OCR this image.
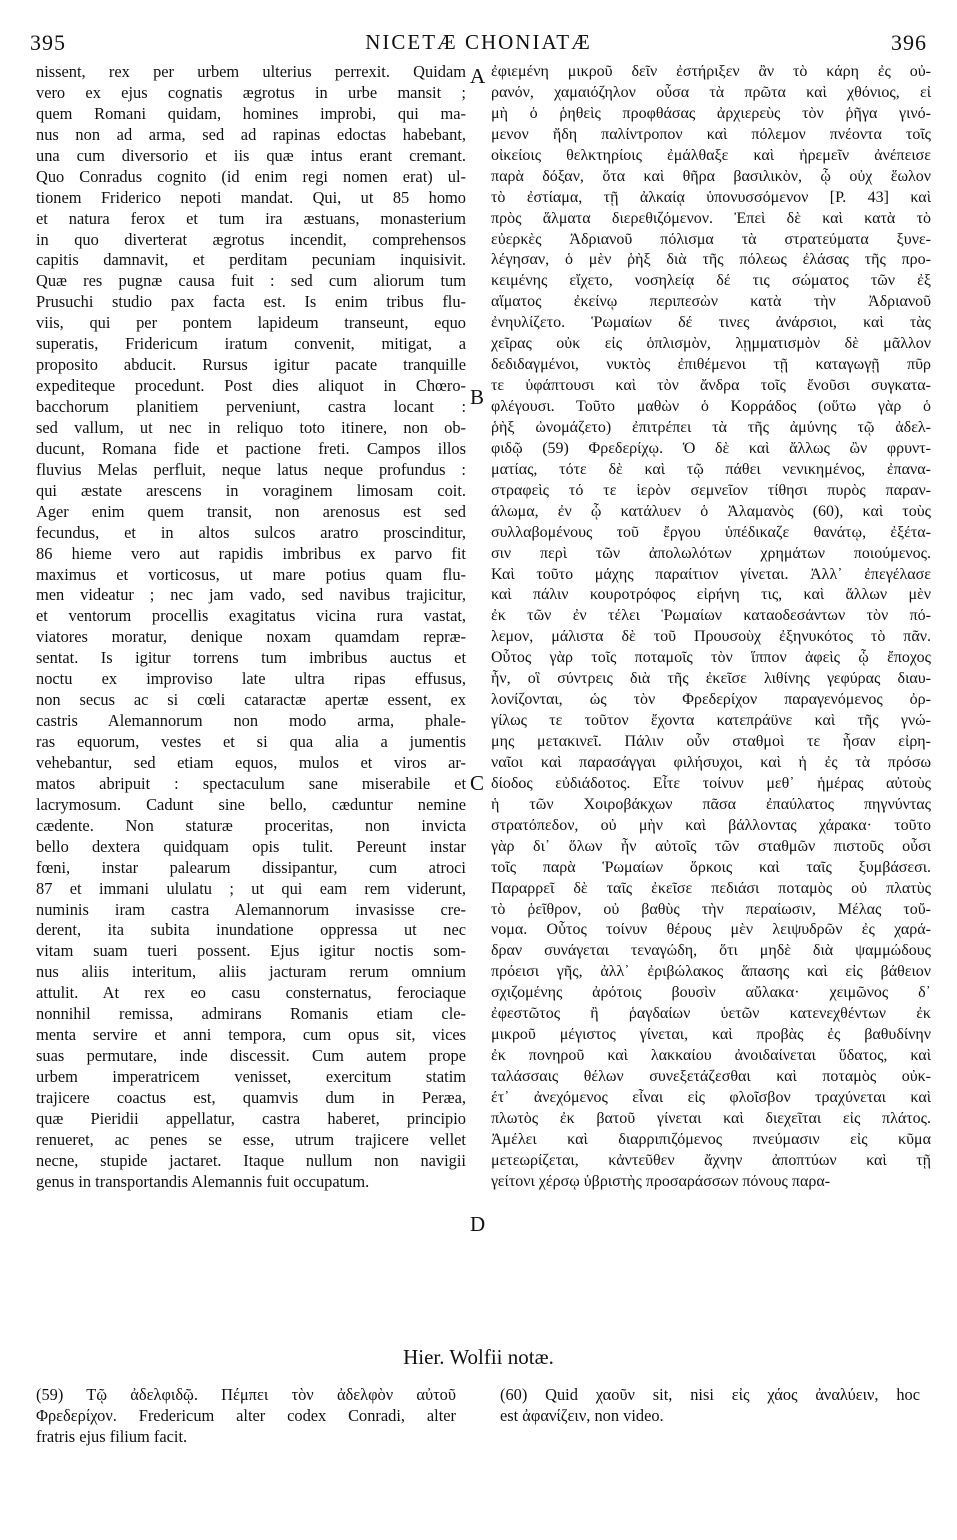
395	NICETÆ CHONIATÆ	396
nissent, rex per urbem ulterius perrexit. Quidam
vero ex ejus cognatis ægrotus in urbe mansit ;
quem Romani quidam, homines improbi, qui ma-
nus non ad arma, sed ad rapinas edoctas habebant,
una cum diversorio et iis quæ intus erant cremant.
Quo Conradus cognito (id enim regi nomen erat) ul-
tionem Friderico nepoti mandat. Qui, ut 85 homo
et natura ferox et tum ira æstuans, monasterium
in quo diverterat ægrotus incendit, comprehensos
capitis damnavit, et perditam pecuniam inquisivit.
Quæ res pugnæ causa fuit : sed cum aliorum tum
Prusuchi studio pax facta est. Is enim tribus flu-
viis, qui per pontem lapideum transeunt, equo
superatis, Fridericum iratum convenit, mitigat, a
proposito abducit. Rursus igitur pacate tranquille
expediteque procedunt. Post dies aliquot in Chœro-
bacchorum planitiem perveniunt, castra locant :
sed vallum, ut nec in reliquo toto itinere, non ob-
ducunt, Romana fide et pactione freti. Campos illos
fluvius Melas perfluit, neque latus neque profundus :
qui æstate arescens in voraginem limosam coit.
Ager enim quem transit, non arenosus est sed
fecundus, et in altos sulcos aratro proscinditur,
86 hieme vero aut rapidis imbribus ex parvo fit
maximus et vorticosus, ut mare potius quam flu-
men videatur ; nec jam vado, sed navibus trajicitur,
et ventorum procellis exagitatus vicina rura vastat,
viatores moratur, denique noxam quamdam repræ-
sentat. Is igitur torrens tum imbribus auctus et
noctu ex improviso late ultra ripas effusus,
non secus ac si cœli cataractæ apertæ essent, ex
castris Alemannorum non modo arma, phale-
ras equorum, vestes et si qua alia a jumentis
vehebantur, sed etiam equos, mulos et viros ar-
matos abripuit : spectaculum sane miserabile et
lacrymosum. Cadunt sine bello, cæduntur nemine
cædente. Non staturæ proceritas, non invicta
bello dextera quidquam opis tulit. Pereunt instar
fœni, instar palearum dissipantur, cum atroci
87 et immani ululatu ; ut qui eam rem viderunt,
numinis iram castra Alemannorum invasisse cre-
derent, ita subita inundatione oppressa ut nec
vitam suam tueri possent. Ejus igitur noctis som-
nus aliis interitum, aliis jacturam rerum omnium
attulit. At rex eo casu consternatus, ferociaque
nonnihil remissa, admirans Romanis etiam cle-
menta servire et anni tempora, cum opus sit, vices
suas permutare, inde discessit. Cum autem prope
urbem imperatricem venisset, exercitum statim
trajicere coactus est, quamvis dum in Peræa,
quæ Pieridii appellatur, castra haberet, principio
renueret, ac penes se esse, utrum trajicere vellet
necne, stupide jactaret. Itaque nullum non navigii
genus in transportandis Alemannis fuit occupatum.
A
B
C
D
ἐφιεμένη μικροῦ δεῖν ἐστήριξεν ἂν τὸ κάρη ἐς οὐ-
ρανόν, χαμαιόζηλον οὖσα τὰ πρῶτα καὶ χθόνιος, εἰ
μὴ ὁ ῥηθεὶς προφθάσας ἀρχιερεὺς τὸν ῥῆγα γινό-
μενον ἤδη παλίντροπον καὶ πόλεμον πνέοντα τοῖς
οἰκείοις θελκτηρίοις ἐμάλθαξε καὶ ἠρεμεῖν ἀνέπεισε
παρὰ δόξαν, ὅτα καὶ θῆρα βασιλικὸν, ᾧ οὐχ ἕωλον
τὸ ἐστίαμα, τῇ ἀλκαίᾳ ὑπονυσσόμενον [P. 43] καὶ
πρὸς ἅλματα διερεθιζόμενον. Ἐπεὶ δὲ καὶ κατὰ τὸ
εὐερκὲς Ἀδριανοῦ πόλισμα τὰ στρατεύματα ξυνε-
λέγησαν, ὁ μὲν ῥὴξ διὰ τῆς πόλεως ἐλάσας τῆς προ-
κειμένης εἴχετο, νοσηλείᾳ δέ τις σώματος τῶν ἐξ
αἵματος ἐκείνῳ περιπεσὼν κατὰ τὴν Ἀδριανοῦ
ἐνηυλίζετο. Ῥωμαίων δέ τινες ἀνάρσιοι, καὶ τὰς
χεῖρας οὐκ εἰς ὁπλισμὸν, λῃμματισμὸν δὲ μᾶλλον
δεδιδαγμένοι, νυκτὸς ἐπιθέμενοι τῇ καταγωγῇ πῦρ
τε ὑφάπτουσι καὶ τὸν ἄνδρα τοῖς ἔνοῦσι συγκατα-
φλέγουσι. Τοῦτο μαθὼν ὁ Κορράδος (οὕτω γὰρ ὁ
ῥὴξ ὠνομάζετο) ἐπιτρέπει τὰ τῆς ἀμύνης τῷ ἀδελ-
φιδῷ (59) Φρεδερίχῳ. Ὁ δὲ καὶ ἄλλως ὢν φρυντ-
ματίας, τότε δὲ καὶ τῷ πάθει νενικημένος, ἐπανα-
στραφεὶς τό τε ἱερὸν σεμνεῖον τίθησι πυρὸς παραν-
άλωμα, ἐν ᾧ κατάλυεν ὁ Ἀλαμανὸς (60), καὶ τοὺς
συλλαβομένους τοῦ ἔργου ὑπέδικαζε θανάτῳ, ἐξέτα-
σιν περὶ τῶν ἀπολωλότων χρημάτων ποιούμενος.
Καὶ τοῦτο μάχης παραίτιον γίνεται. Ἀλλ᾽ ἐπεγέλασε
καὶ πάλιν κουροτρόφος εἰρήνη τις, καὶ ἄλλων μὲν
ἐκ τῶν ἐν τέλει Ῥωμαίων καταοδεσάντων τὸν πό-
λεμον, μάλιστα δὲ τοῦ Προυσοὺχ ἐξηνυκότος τὸ πᾶν.
Οὗτος γὰρ τοῖς ποταμοῖς τὸν ἵππον ἀφεὶς ᾧ ἔποχος
ἦν, οἳ σύντρεις διὰ τῆς ἐκεῖσε λιθίνης γεφύρας διαυ-
λονίζονται, ὡς τὸν Φρεδερίχον παραγενόμενος ὀρ-
γίλως τε τοῦτον ἔχοντα κατεπράϋνε καὶ τῆς γνώ-
μης μετακινεῖ. Πάλιν οὖν σταθμοὶ τε ἦσαν εἰρη-
ναῖοι καὶ παρασάγγαι φιλήσυχοι, καὶ ἡ ἐς τὰ πρόσω
δίοδος εὐδιάδοτος. Εἶτε τοίνυν μεθ᾽ ἡμέρας αὐτοὺς
ἡ τῶν Χοιροβάκχων πᾶσα ἐπαύλατος πηγνύντας
στρατόπεδον, οὐ μὴν καὶ βάλλοντας χάρακα· τοῦτο
γὰρ δι᾽ ὅλων ἦν αὐτοῖς τῶν σταθμῶν πιστοῦς οὖσι
τοῖς παρὰ Ῥωμαίων ὅρκοις καὶ ταῖς ξυμβάσεσι.
Παραρρεῖ δὲ ταῖς ἐκεῖσε πεδιάσι ποταμὸς οὐ πλατὺς
τὸ ῥεῖθρον, οὐ βαθὺς τὴν περαίωσιν, Μέλας τοὔ-
νομα. Οὗτος τοίνυν θέρους μὲν λειψυδρῶν ἐς χαρά-
δραν συνάγεται τεναγώδη, ὅτι μηδὲ διὰ ψαμμώδους
πρόεισι γῆς, ἀλλ᾽ ἐριβώλακος ἅπασης καὶ εἰς βάθειον
σχιζομένης ἀρότοις βουσὶν αὔλακα· χειμῶνος δ᾽
ἐφεστῶτος ἢ ῥαγδαίων ὑετῶν κατενεχθέντων ἐκ
μικροῦ μέγιστος γίνεται, καὶ προβὰς ἐς βαθυδίνην
ἐκ πονηροῦ καὶ λακκαίου ἀνοιδαίνεται ὕδατος, καὶ
ταλάσσαις θέλων συνεξετάζεσθαι καὶ ποταμὸς οὐκ-
έτ᾽ ἀνεχόμενος εἶναι εἰς φλοῖσβον τραχύνεται καὶ
πλωτὸς ἐκ βατοῦ γίνεται καὶ διεχεῖται εἰς πλάτος.
Ἀμέλει καὶ διαρριπιζόμενος πνεύμασιν εἰς κῦμα
μετεωρίζεται, κἀντεῦθεν ἄχνην ἀποπτύων καὶ τῇ
γείτονι χέρσῳ ὑβριστὴς προσαράσσων πόνους παρα-
Hier. Wolfii notæ.
(59) Τῷ ἀδελφιδῷ. Πέμπει τὸν ἀδελφὸν αὐτοῦ
Φρεδερίχον. Fredericum alter codex Conradi, alter
fratris ejus filium facit.
(60) Quid χαοῦν sit, nisi εἰς χάος ἀναλύειν, hoc
est ἀφανίζειν, non video.
